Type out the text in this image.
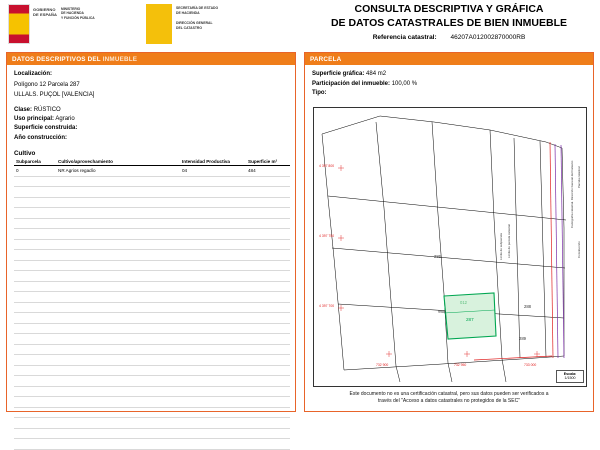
GOBIERNO
DE ESPAÑA
MINISTERIO
DE HACIENDA
Y FUNCIÓN PÚBLICA
SECRETARÍA DE ESTADO
DE HACIENDA
DIRECCIÓN GENERAL
DEL CATASTRO
CONSULTA DESCRIPTIVA Y GRÁFICA
DE DATOS CATASTRALES DE BIEN INMUEBLE
Referencia catastral: 46207A012002870000RB
DATOS DESCRIPTIVOS DEL INMUEBLE
Localización:
Polígono 12 Parcela 287
ULLALS. PUÇOL [VALENCIA]
Clase: RÚSTICO
Uso principal: Agrario
Superficie construida:
Año construcción:
Cultivo
Subparcela	Cultivo/aprovechamiento	Intensidad Productiva	Superficie m²
0	NR Agrios regadío	04	484

PARCELA
Superficie gráfica: 484 m2
Participación del inmueble: 100,00 %
Tipo:
4 397 800
4 397 750
4 397 700
732 900	732 950	733 000
287
012
9986
288
289
286
Cartografía catastral. Dirección General del Catastro
Límite de parcela catastral
Límite de subparcela
Parcela catastral
Construcción
Escala:
1/1500
Este documento no es una certificación catastral, pero sus datos pueden ser verificados a
través del "Acceso a datos catastrales no protegidos de la SEC"
